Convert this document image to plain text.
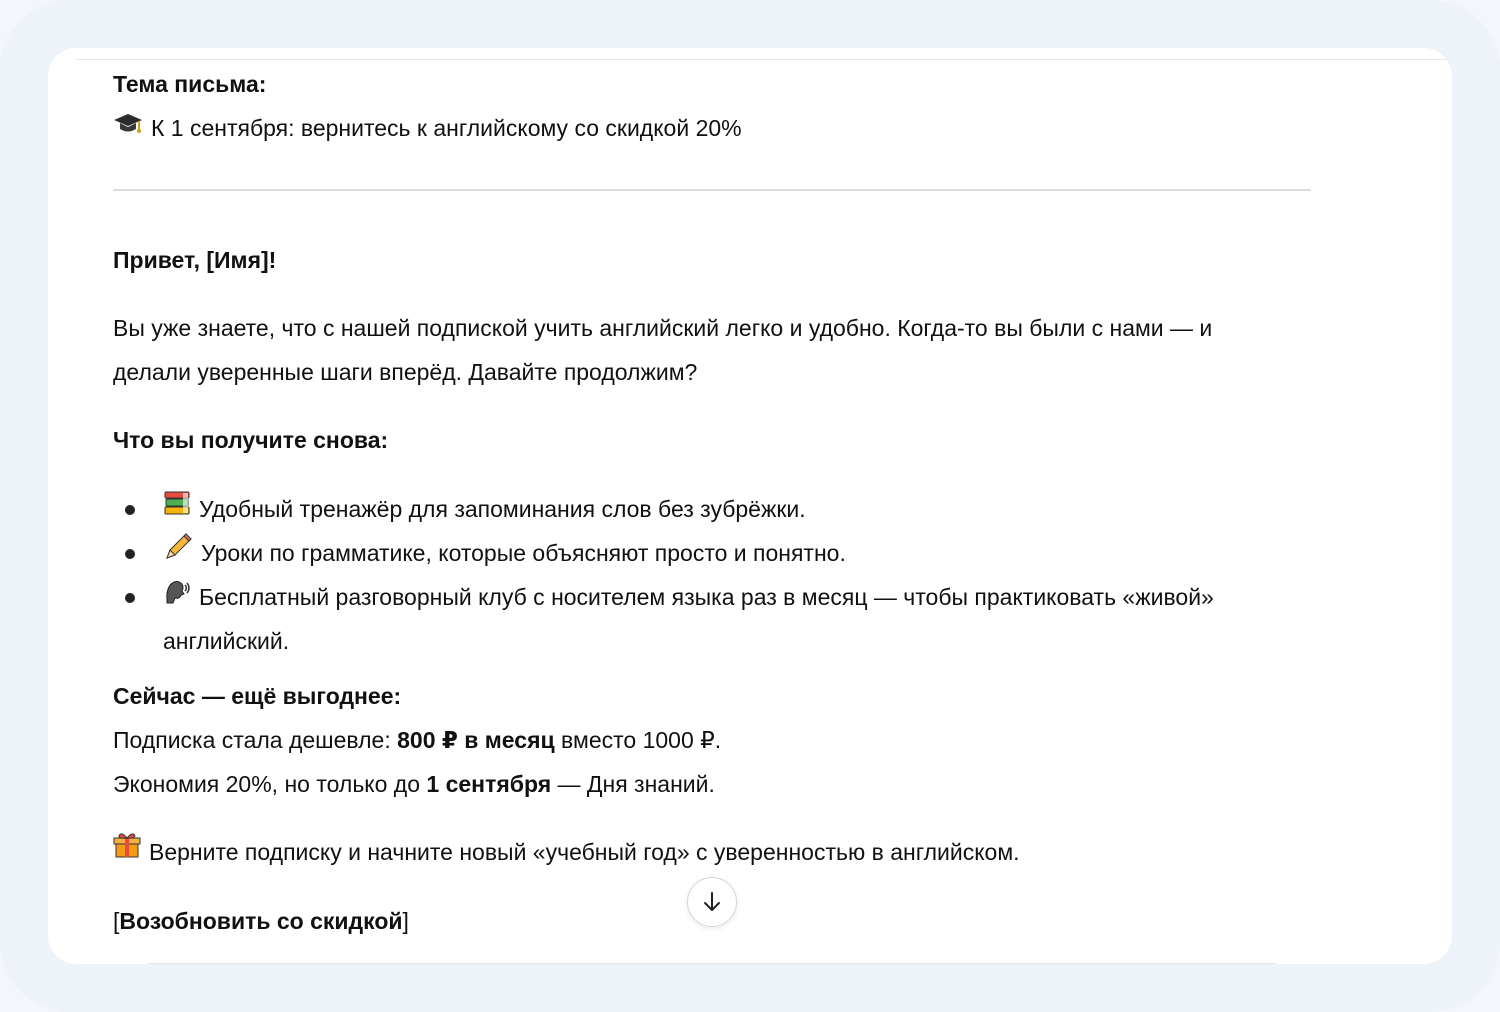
Тема письма:
К 1 сентября: вернитесь к английскому со скидкой 20%
Привет, [Имя]!
Вы уже знаете, что с нашей подпиской учить английский легко и удобно. Когда-то вы были с нами — и
делали уверенные шаги вперёд. Давайте продолжим?
Что вы получите снова:
Удобный тренажёр для запоминания слов без зубрёжки.
Уроки по грамматике, которые объясняют просто и понятно.
Бесплатный разговорный клуб с носителем языка раз в месяц — чтобы практиковать «живой»
английский.
Сейчас — ещё выгоднее:
Подписка стала дешевле: 800 ₽ в месяц вместо 1000 ₽.
Экономия 20%, но только до 1 сентября — Дня знаний.
Верните подписку и начните новый «учебный год» с уверенностью в английском.
[Возобновить со скидкой]
